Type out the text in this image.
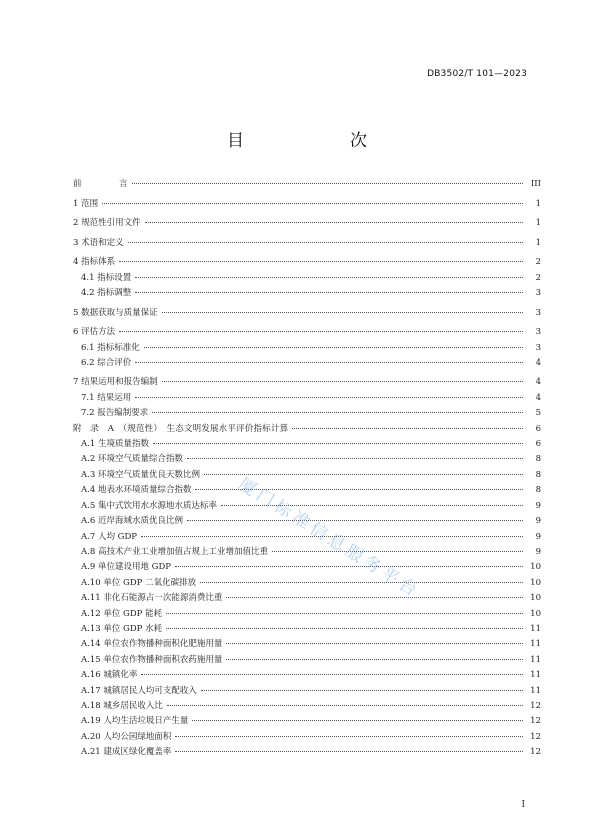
DB3502/T 101—2023
目　　次
前	言	III
1 范围	1
2 规范性引用文件	1
3 术语和定义	1
4 指标体系	2
4.1 指标设置	2
4.2 指标调整	3
5 数据获取与质量保证	3
6 评估方法	3
6.1 指标标准化	3
6.2 综合评价	4
7 结果运用和报告编制	4
7.1 结果运用	4
7.2 报告编制要求	5
附　录　A　（规范性）　生态文明发展水平评价指标计算	6
A.1 生境质量指数	6
A.2 环境空气质量综合指数	8
A.3 环境空气质量优良天数比例	8
A.4 地表水环境质量综合指数	8
A.5 集中式饮用水水源地水质达标率	9
A.6 近岸海域水质优良比例	9
A.7 人均 GDP	9
A.8 高技术产业工业增加值占规上工业增加值比重	9
A.9 单位建设用地 GDP	10
A.10 单位 GDP 二氧化碳排放	10
A.11 非化石能源占一次能源消费比重	10
A.12 单位 GDP 能耗	10
A.13 单位 GDP 水耗	11
A.14 单位农作物播种面积化肥施用量	11
A.15 单位农作物播种面积农药施用量	11
A.16 城镇化率	11
A.17 城镇居民人均可支配收入	11
A.18 城乡居民收入比	12
A.19 人均生活垃圾日产生量	12
A.20 人均公园绿地面积	12
A.21 建成区绿化覆盖率	12
厦门标准信息服务平台
I
